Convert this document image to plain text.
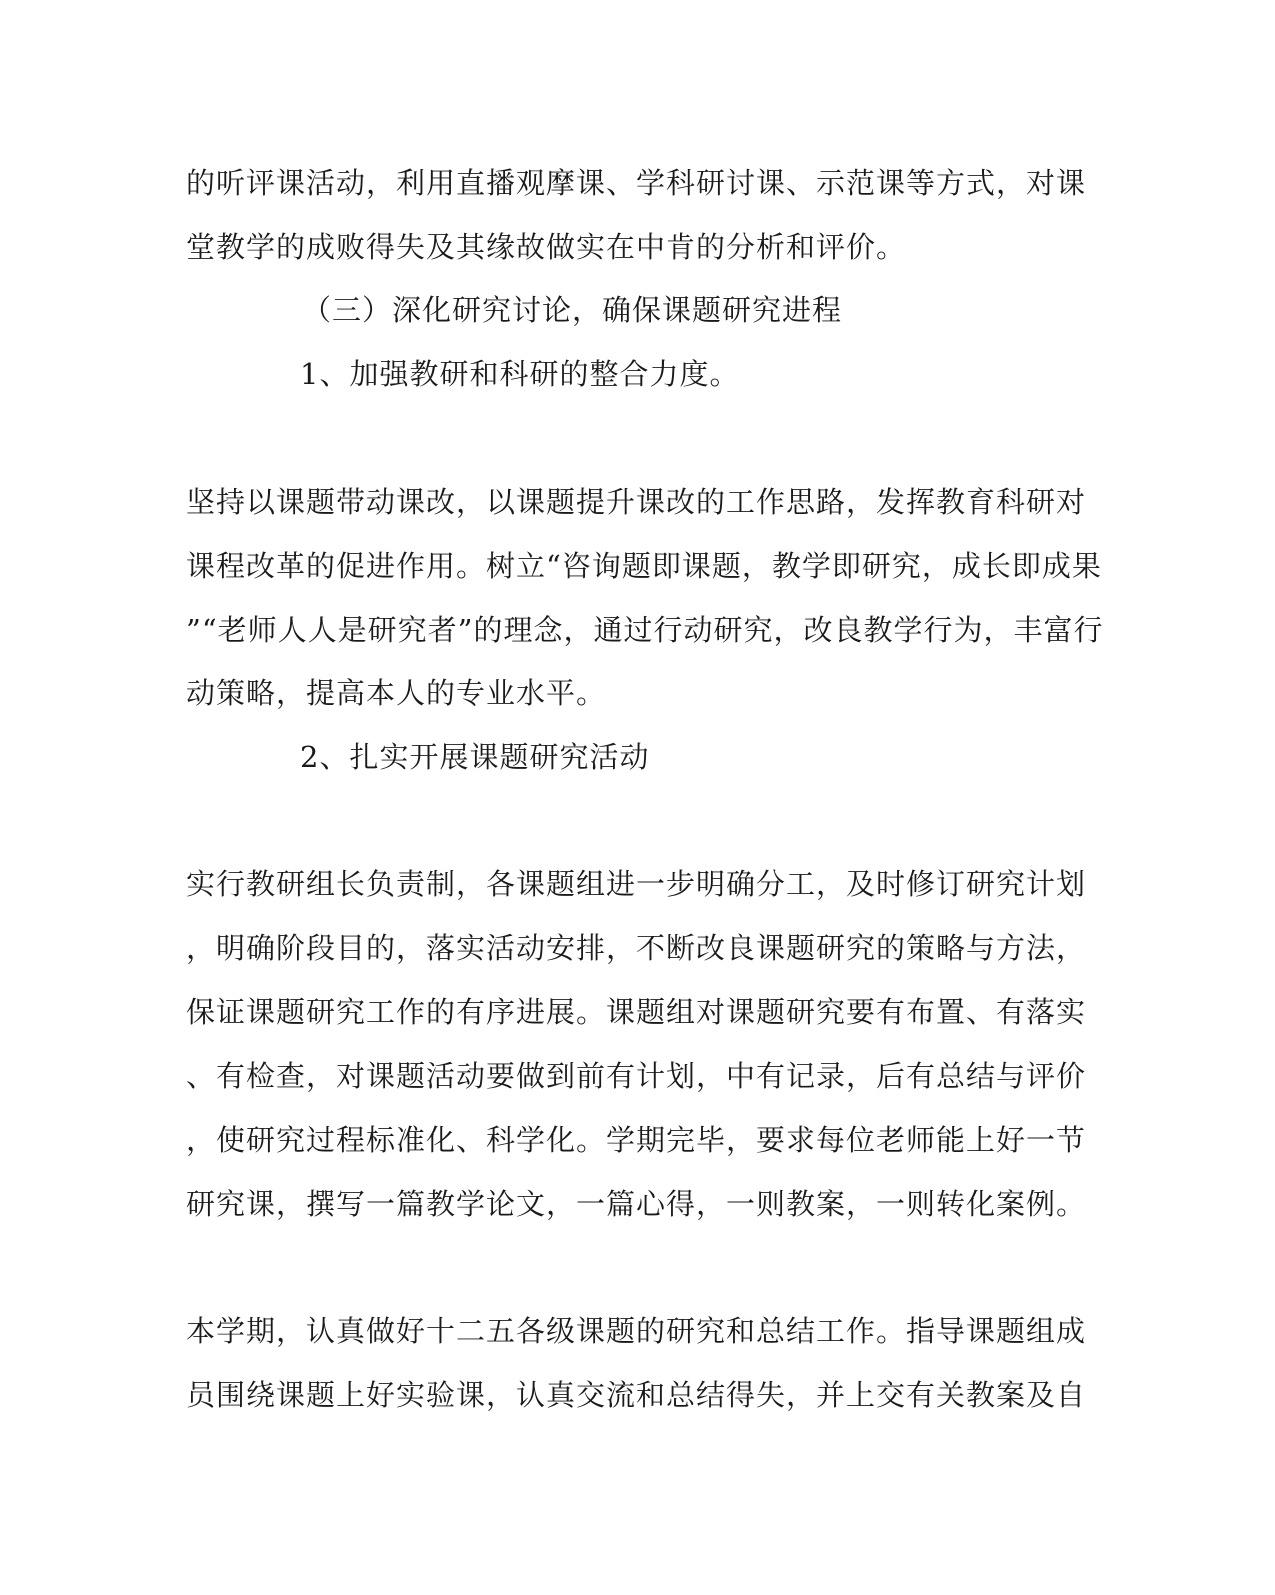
的听评课活动，利用直播观摩课、学科研讨课、示范课等方式，对课
堂教学的成败得失及其缘故做实在中肯的分析和评价。
（三）深化研究讨论，确保课题研究进程
1、加强教研和科研的整合力度。
坚持以课题带动课改，以课题提升课改的工作思路，发挥教育科研对
课程改革的促进作用。树立“咨询题即课题，教学即研究，成长即成果
”“老师人人是研究者”的理念，通过行动研究，改良教学行为，丰富行
动策略，提高本人的专业水平。
2、扎实开展课题研究活动
实行教研组长负责制，各课题组进一步明确分工，及时修订研究计划
，明确阶段目的，落实活动安排，不断改良课题研究的策略与方法，
保证课题研究工作的有序进展。课题组对课题研究要有布置、有落实
、有检查，对课题活动要做到前有计划，中有记录，后有总结与评价
，使研究过程标准化、科学化。学期完毕，要求每位老师能上好一节
研究课，撰写一篇教学论文，一篇心得，一则教案，一则转化案例。
本学期，认真做好十二五各级课题的研究和总结工作。指导课题组成
员围绕课题上好实验课，认真交流和总结得失，并上交有关教案及自
